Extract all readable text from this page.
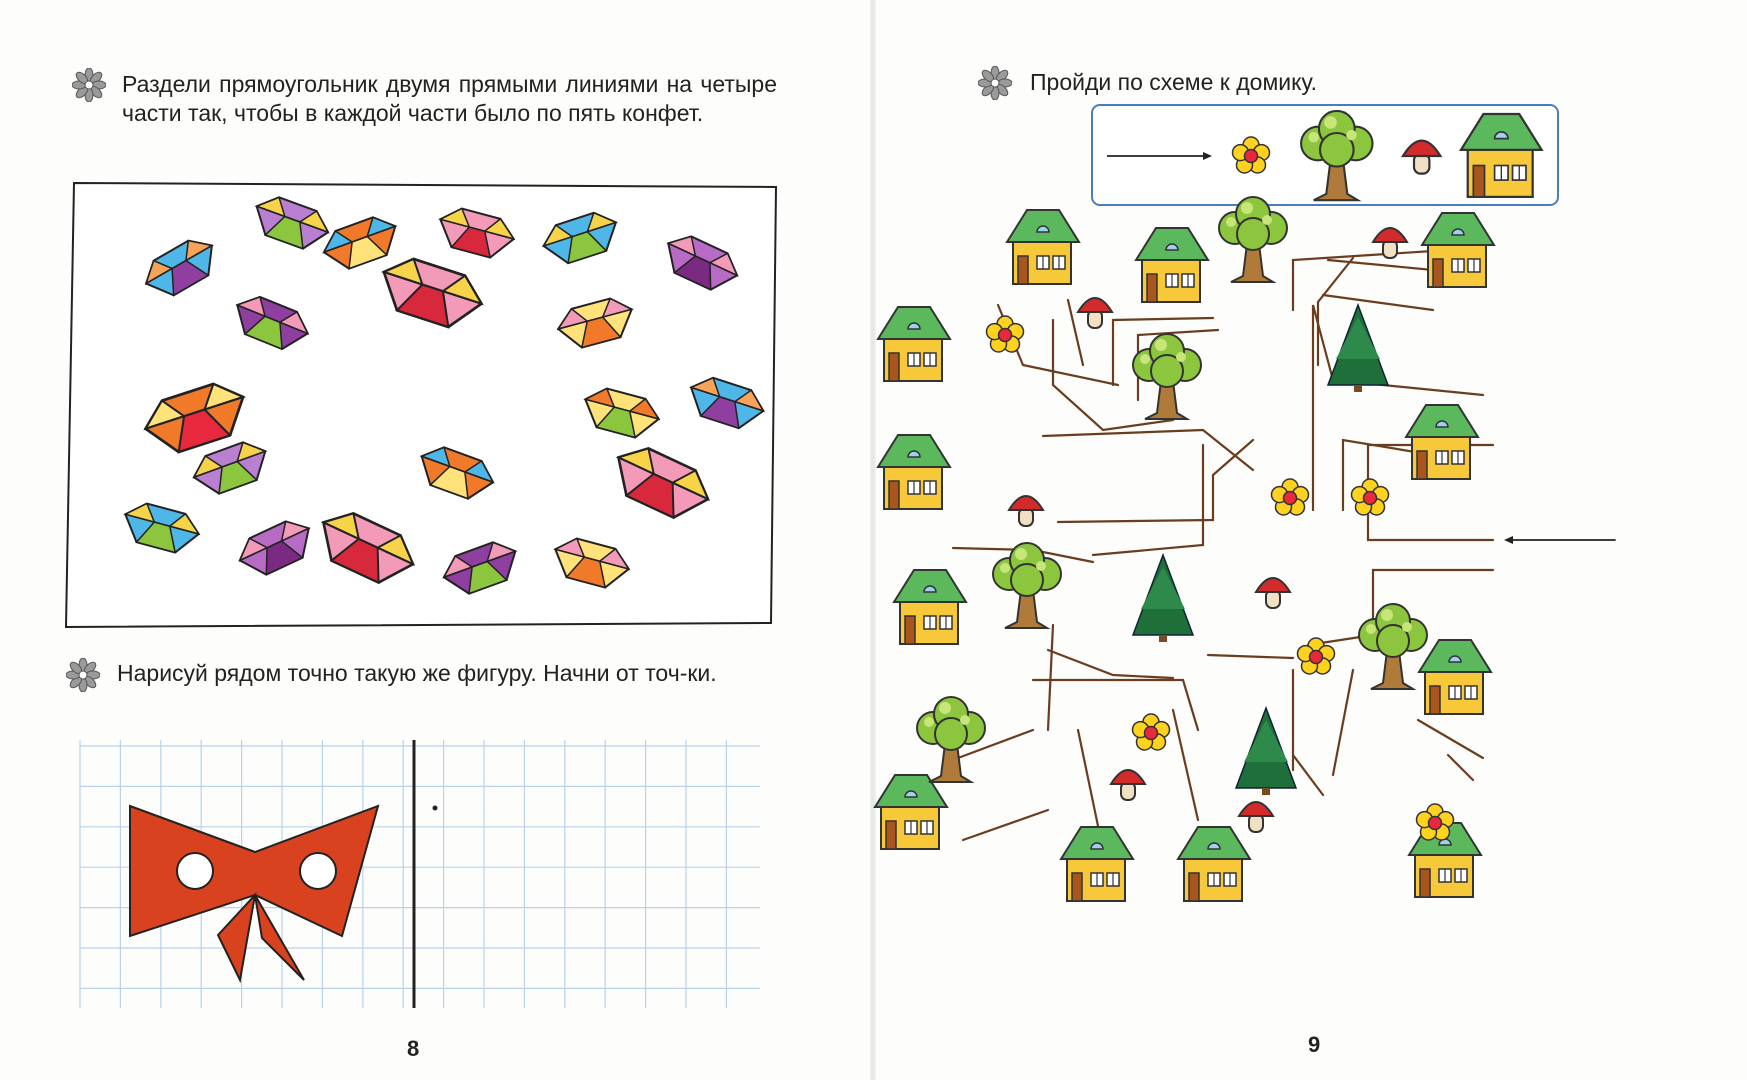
Раздели прямоугольник двумя прямыми линиями на четыре части так, чтобы в каждой части было по пять конфет.

Нарисуй рядом точно такую же фигуру. Начни от точ-ки.

8

Пройди по схеме к домику.

9
